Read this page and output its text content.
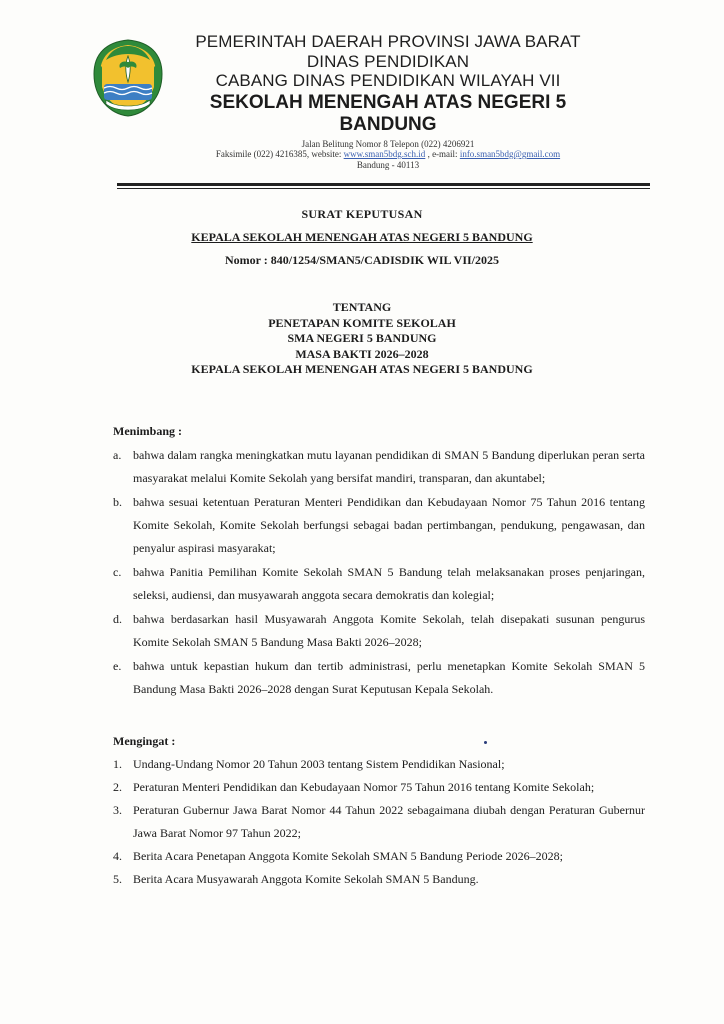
PEMERINTAH DAERAH PROVINSI JAWA BARAT
DINAS PENDIDIKAN
CABANG DINAS PENDIDIKAN WILAYAH VII
SEKOLAH MENENGAH ATAS NEGERI 5
BANDUNG
Jalan Belitung Nomor 8 Telepon (022) 4206921
Faksimile (022) 4216385, website: www.sman5bdg.sch.id , e-mail: info.sman5bdg@gmail.com
Bandung - 40113
SURAT KEPUTUSAN
KEPALA SEKOLAH MENENGAH ATAS NEGERI 5 BANDUNG
Nomor : 840/1254/SMAN5/CADISDIK WIL VII/2025
TENTANG
PENETAPAN KOMITE SEKOLAH
SMA NEGERI 5 BANDUNG
MASA BAKTI 2026–2028
KEPALA SEKOLAH MENENGAH ATAS NEGERI 5 BANDUNG
Menimbang :
a. bahwa dalam rangka meningkatkan mutu layanan pendidikan di SMAN 5 Bandung diperlukan peran serta masyarakat melalui Komite Sekolah yang bersifat mandiri, transparan, dan akuntabel;
b. bahwa sesuai ketentuan Peraturan Menteri Pendidikan dan Kebudayaan Nomor 75 Tahun 2016 tentang Komite Sekolah, Komite Sekolah berfungsi sebagai badan pertimbangan, pendukung, pengawasan, dan penyalur aspirasi masyarakat;
c. bahwa Panitia Pemilihan Komite Sekolah SMAN 5 Bandung telah melaksanakan proses penjaringan, seleksi, audiensi, dan musyawarah anggota secara demokratis dan kolegial;
d. bahwa berdasarkan hasil Musyawarah Anggota Komite Sekolah, telah disepakati susunan pengurus Komite Sekolah SMAN 5 Bandung Masa Bakti 2026–2028;
e. bahwa untuk kepastian hukum dan tertib administrasi, perlu menetapkan Komite Sekolah SMAN 5 Bandung Masa Bakti 2026–2028 dengan Surat Keputusan Kepala Sekolah.
Mengingat :
1. Undang-Undang Nomor 20 Tahun 2003 tentang Sistem Pendidikan Nasional;
2. Peraturan Menteri Pendidikan dan Kebudayaan Nomor 75 Tahun 2016 tentang Komite Sekolah;
3. Peraturan Gubernur Jawa Barat Nomor 44 Tahun 2022 sebagaimana diubah dengan Peraturan Gubernur Jawa Barat Nomor 97 Tahun 2022;
4. Berita Acara Penetapan Anggota Komite Sekolah SMAN 5 Bandung Periode 2026–2028;
5. Berita Acara Musyawarah Anggota Komite Sekolah SMAN 5 Bandung.
